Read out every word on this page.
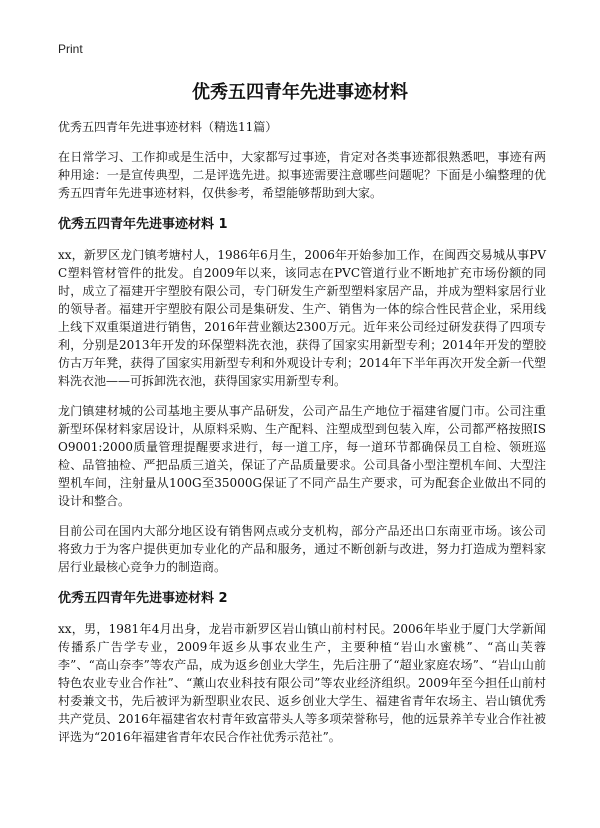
Print
优秀五四青年先进事迹材料
优秀五四青年先进事迹材料（精选11篇）

在日常学习、工作抑或是生活中，大家都写过事迹，肯定对各类事迹都很熟悉吧，事迹有两种用途：一是宣传典型，二是评选先进。拟事迹需要注意哪些问题呢？下面是小编整理的优秀五四青年先进事迹材料，仅供参考，希望能够帮助到大家。

优秀五四青年先进事迹材料 1

xx，新罗区龙门镇考塘村人，1986年6月生，2006年开始参加工作，在闽西交易城从事PVC塑料管材管件的批发。自2009年以来，该同志在PVC管道行业不断地扩充市场份额的同时，成立了福建开宇塑胶有限公司，专门研发生产新型塑料家居产品，并成为塑料家居行业的领导者。福建开宇塑胶有限公司是集研发、生产、销售为一体的综合性民营企业，采用线上线下双重渠道进行销售，2016年营业额达2300万元。近年来公司经过研发获得了四项专利，分别是2013年开发的环保塑料洗衣池，获得了国家实用新型专利；2014年开发的塑胶仿古万年凳，获得了国家实用新型专利和外观设计专利；2014年下半年再次开发全新一代塑料洗衣池——可拆卸洗衣池，获得国家实用新型专利。

龙门镇建材城的公司基地主要从事产品研发，公司产品生产地位于福建省厦门市。公司注重新型环保材料家居设计，从原料采购、生产配料、注塑成型到包装入库，公司都严格按照ISO9001:2000质量管理提醒要求进行，每一道工序，每一道环节都确保员工自检、领班巡检、品管抽检、严把品质三道关，保证了产品质量要求。公司具备小型注塑机车间、大型注塑机车间，注射量从100G至35000G保证了不同产品生产要求，可为配套企业做出不同的设计和整合。

目前公司在国内大部分地区设有销售网点或分支机构，部分产品还出口东南亚市场。该公司将致力于为客户提供更加专业化的产品和服务，通过不断创新与改进，努力打造成为塑料家居行业最核心竞争力的制造商。

优秀五四青年先进事迹材料 2

xx，男，1981年4月出身，龙岩市新罗区岩山镇山前村村民。2006年毕业于厦门大学新闻传播系广告学专业，2009年返乡从事农业生产，主要种植“岩山水蜜桃”、“高山芙蓉李”、“高山奈李”等农产品，成为返乡创业大学生，先后注册了“超业家庭农场”、“岩山山前特色农业专业合作社”、“薰山农业科技有限公司”等农业经济组织。2009年至今担任山前村村委兼文书，先后被评为新型职业农民、返乡创业大学生、福建省青年农场主、岩山镇优秀共产党员、2016年福建省农村青年致富带头人等多项荣誉称号，他的远景养羊专业合作社被评选为“2016年福建省青年农民合作社优秀示范社”。
